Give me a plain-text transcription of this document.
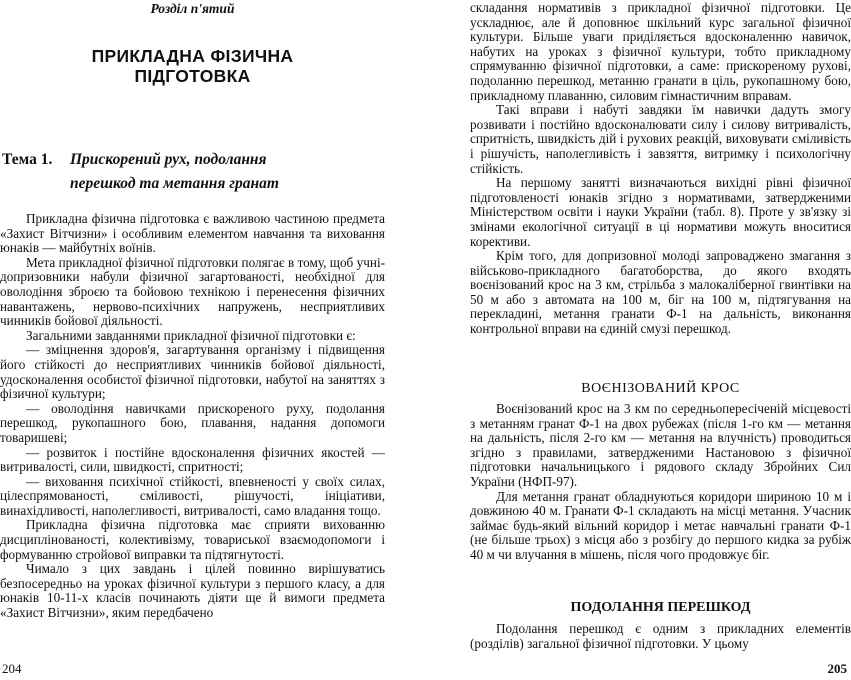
Розділ п'ятий
ПРИКЛАДНА ФІЗИЧНА
ПІДГОТОВКА
Тема 1. Прискорений рух, подолання
перешкод та метання гранат

Прикладна фізична підготовка є важливою частиною предмета «Захист Вітчизни» і особливим елементом навчання та виховання юнаків — майбутніх воїнів.

Мета прикладної фізичної підготовки полягає в тому, щоб учні-допризовники набули фізичної загартованості, необхідної для оволодіння зброєю та бойовою технікою і перенесення фізичних навантажень, нервово-психічних напружень, несприятливих чинників бойової діяльності.

Загальними завданнями прикладної фізичної підготовки є:

— зміцнення здоров'я, загартування організму і підвищення його стійкості до несприятливих чинників бойової діяльності, удосконалення особистої фізичної підготовки, набутої на заняттях з фізичної культури;

— оволодіння навичками прискореного руху, подолання перешкод, рукопашного бою, плавання, надання допомоги товаришеві;

— розвиток і постійне вдосконалення фізичних якостей — витривалості, сили, швидкості, спритності;

— виховання психічної стійкості, впевненості у своїх силах, цілеспрямованості, сміливості, рішучості, ініціативи, винахідливості, наполегливості, витривалості, само владання тощо.

Прикладна фізична підготовка має сприяти вихованню дисциплінованості, колективізму, товариської взаємодопомоги і формуванню стройової виправки та підтягнутості.

Чимало з цих завдань і цілей повинно вирішуватись безпосередньо на уроках фізичної культури з першого класу, а для юнаків 10-11-х класів починають діяти ще й вимоги предмета «Захист Вітчизни», яким передбачено

204

складання нормативів з прикладної фізичної підготовки. Це ускладнює, але й доповнює шкільний курс загальної фізичної культури. Більше уваги приділяється вдосконаленню навичок, набутих на уроках з фізичної культури, тобто прикладному спрямуванню фізичної підготовки, а саме: прискореному рухові, подоланню перешкод, метанню гранати в ціль, рукопашному бою, прикладному плаванню, силовим гімнастичним вправам.

Такі вправи і набуті завдяки їм навички дадуть змогу розвивати і постійно вдосконалювати силу і силову витривалість, спритність, швидкість дій і рухових реакцій, виховувати сміливість і рішучість, наполегливість і завзяття, витримку і психологічну стійкість.

На першому занятті визначаються вихідні рівні фізичної підготовленості юнаків згідно з нормативами, затвердженими Міністерством освіти і науки України (табл. 8). Проте у зв'язку зі змінами екологічної ситуації в ці нормативи можуть вноситися корективи.

Крім того, для допризовної молоді запроваджено змагання з військово-прикладного багатоборства, до якого входять воєнізований крос на 3 км, стрільба з малокаліберної гвинтівки на 50 м або з автомата на 100 м, біг на 100 м, підтягування на перекладині, метання гранати Ф-1 на дальність, виконання контрольної вправи на єдиній смузі перешкод.

ВОЄНІЗОВАНИЙ КРОС

Воєнізований крос на 3 км по середньопересіченій місцевості з метанням гранат Ф-1 на двох рубежах (після 1-го км — метання на дальність, після 2-го км — метання на влучність) проводиться згідно з правилами, затвердженими Настановою з фізичної підготовки начальницького і рядового складу Збройних Сил України (НФП-97).

Для метання гранат обладнуються коридори шириною 10 м і довжиною 40 м. Гранати Ф-1 складають на місці метання. Учасник займає будь-який вільний коридор і метає навчальні гранати Ф-1 (не більше трьох) з місця або з розбігу до першого кидка за рубіж 40 м чи влучання в мішень, після чого продовжує біг.

ПОДОЛАННЯ ПЕРЕШКОД

Подолання перешкод є одним з прикладних елементів (розділів) загальної фізичної підготовки. У цьому

205
